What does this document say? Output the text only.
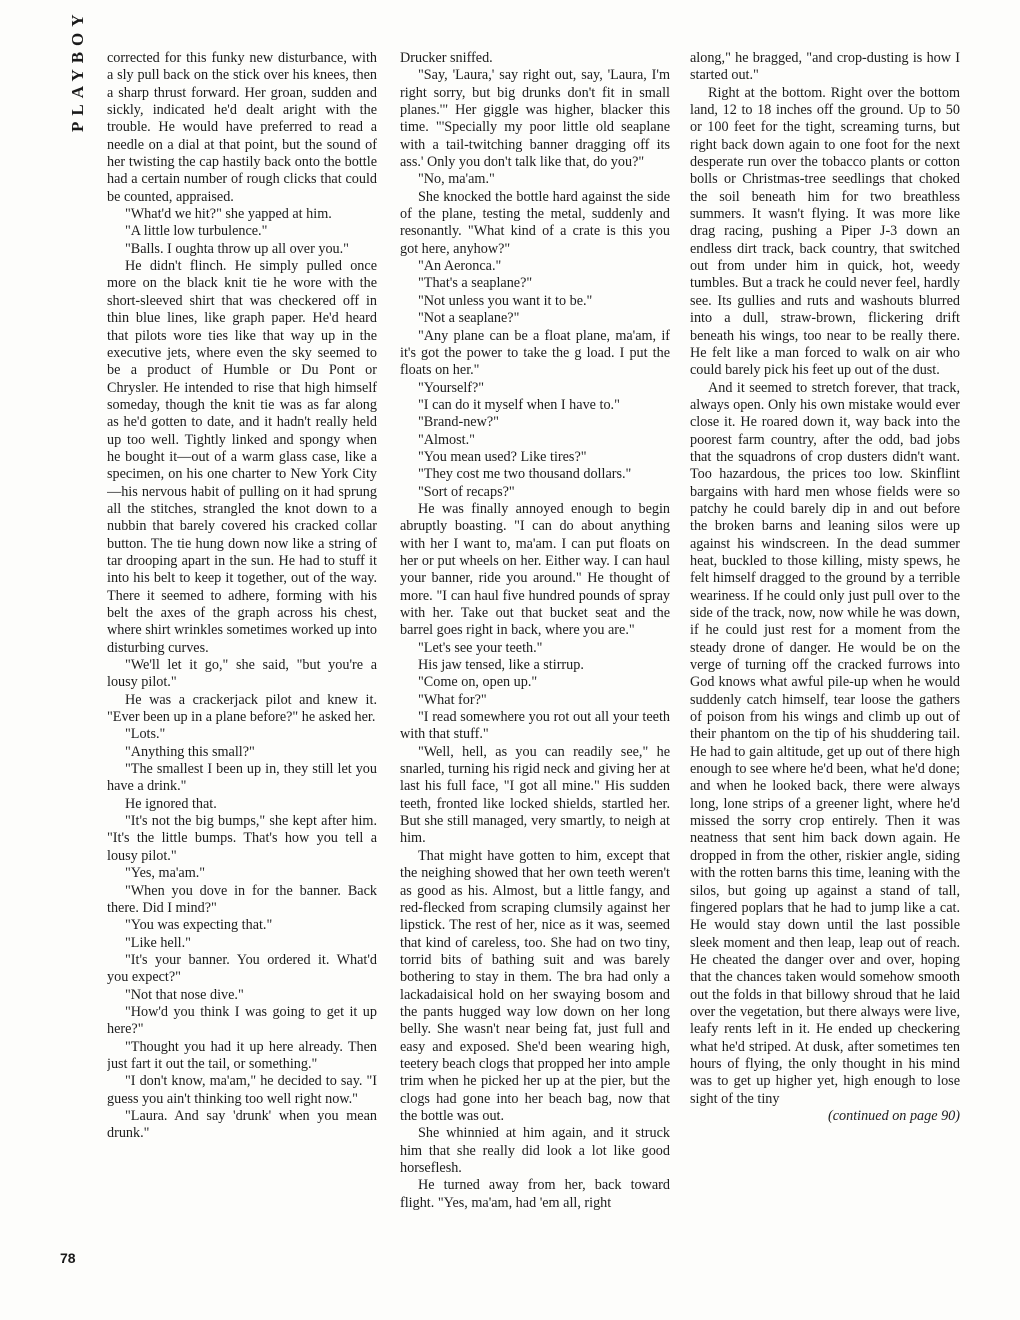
PLAYBOY	corrected for this funky new disturbance, with a sly pull back on the stick over his knees, then a sharp thrust forward. Her groan, sudden and sickly, indicated he'd dealt aright with the trouble. He would have preferred to read a needle on a dial at that point, but the sound of her twisting the cap hastily back onto the bottle had a certain number of rough clicks that could be counted, appraised.

"What'd we hit?" she yapped at him.

"A little low turbulence."

"Balls. I oughta throw up all over you."

He didn't flinch. He simply pulled once more on the black knit tie he wore with the short-sleeved shirt that was checkered off in thin blue lines, like graph paper. He'd heard that pilots wore ties like that way up in the executive jets, where even the sky seemed to be a product of Humble or Du Pont or Chrysler. He intended to rise that high himself someday, though the knit tie was as far along as he'd gotten to date, and it hadn't really held up too well. Tightly linked and spongy when he bought it—out of a warm glass case, like a specimen, on his one charter to New York City—his nervous habit of pulling on it had sprung all the stitches, strangled the knot down to a nubbin that barely covered his cracked collar button. The tie hung down now like a string of tar drooping apart in the sun. He had to stuff it into his belt to keep it together, out of the way. There it seemed to adhere, forming with his belt the axes of the graph across his chest, where shirt wrinkles sometimes worked up into disturbing curves.

"We'll let it go," she said, "but you're a lousy pilot."

He was a crackerjack pilot and knew it. "Ever been up in a plane before?" he asked her.

"Lots."

"Anything this small?"

"The smallest I been up in, they still let you have a drink."

He ignored that.

"It's not the big bumps," she kept after him. "It's the little bumps. That's how you tell a lousy pilot."

"Yes, ma'am."

"When you dove in for the banner. Back there. Did I mind?"

"You was expecting that."

"Like hell."

"It's your banner. You ordered it. What'd you expect?"

"Not that nose dive."

"How'd you think I was going to get it up here?"

"Thought you had it up here already. Then just fart it out the tail, or something."

"I don't know, ma'am," he decided to say. "I guess you ain't thinking too well right now."

"Laura. And say 'drunk' when you mean drunk."

Drucker sniffed.

"Say, 'Laura,' say right out, say, 'Laura, I'm right sorry, but big drunks don't fit in small planes.'" Her giggle was higher, blacker this time. "'Specially my poor little old seaplane with a tail-twitching banner dragging off its ass.' Only you don't talk like that, do you?"

"No, ma'am."

She knocked the bottle hard against the side of the plane, testing the metal, suddenly and resonantly. "What kind of a crate is this you got here, anyhow?"

"An Aeronca."

"That's a seaplane?"

"Not unless you want it to be."

"Not a seaplane?"

"Any plane can be a float plane, ma'am, if it's got the power to take the g load. I put the floats on her."

"Yourself?"

"I can do it myself when I have to."

"Brand-new?"

"Almost."

"You mean used? Like tires?"

"They cost me two thousand dollars."

"Sort of recaps?"

He was finally annoyed enough to begin abruptly boasting. "I can do about anything with her I want to, ma'am. I can put floats on her or put wheels on her. Either way. I can haul your banner, ride you around." He thought of more. "I can haul five hundred pounds of spray with her. Take out that bucket seat and the barrel goes right in back, where you are."

"Let's see your teeth."

His jaw tensed, like a stirrup.

"Come on, open up."

"What for?"

"I read somewhere you rot out all your teeth with that stuff."

"Well, hell, as you can readily see," he snarled, turning his rigid neck and giving her at last his full face, "I got all mine." His sudden teeth, fronted like locked shields, startled her. But she still managed, very smartly, to neigh at him.

That might have gotten to him, except that the neighing showed that her own teeth weren't as good as his. Almost, but a little fangy, and red-flecked from scraping clumsily against her lipstick. The rest of her, nice as it was, seemed that kind of careless, too. She had on two tiny, torrid bits of bathing suit and was barely bothering to stay in them. The bra had only a lackadaisical hold on her swaying bosom and the pants hugged way low down on her long belly. She wasn't near being fat, just full and easy and exposed. She'd been wearing high, teetery beach clogs that propped her into ample trim when he picked her up at the pier, but the clogs had gone into her beach bag, now that the bottle was out.

She whinnied at him again, and it struck him that she really did look a lot like good horseflesh.

He turned away from her, back toward flight. "Yes, ma'am, had 'em all, right

along," he bragged, "and crop-dusting is how I started out."

Right at the bottom. Right over the bottom land, 12 to 18 inches off the ground. Up to 50 or 100 feet for the tight, screaming turns, but right back down again to one foot for the next desperate run over the tobacco plants or cotton bolls or Christmas-tree seedlings that choked the soil beneath him for two breathless summers. It wasn't flying. It was more like drag racing, pushing a Piper J-3 down an endless dirt track, back country, that switched out from under him in quick, hot, weedy tumbles. But a track he could never feel, hardly see. Its gullies and ruts and washouts blurred into a dull, straw-brown, flickering drift beneath his wings, too near to be really there. He felt like a man forced to walk on air who could barely pick his feet up out of the dust.

And it seemed to stretch forever, that track, always open. Only his own mistake would ever close it. He roared down it, way back into the poorest farm country, after the odd, bad jobs that the squadrons of crop dusters didn't want. Too hazardous, the prices too low. Skinflint bargains with hard men whose fields were so patchy he could barely dip in and out before the broken barns and leaning silos were up against his windscreen. In the dead summer heat, buckled to those killing, misty spews, he felt himself dragged to the ground by a terrible weariness. If he could only just pull over to the side of the track, now, now while he was down, if he could just rest for a moment from the steady drone of danger. He would be on the verge of turning off the cracked furrows into God knows what awful pile-up when he would suddenly catch himself, tear loose the gathers of poison from his wings and climb up out of their phantom on the tip of his shuddering tail. He had to gain altitude, get up out of there high enough to see where he'd been, what he'd done; and when he looked back, there were always long, lone strips of a greener light, where he'd missed the sorry crop entirely. Then it was neatness that sent him back down again. He dropped in from the other, riskier angle, siding with the rotten barns this time, leaning with the silos, but going up against a stand of tall, fingered poplars that he had to jump like a cat. He would stay down until the last possible sleek moment and then leap, leap out of reach. He cheated the danger over and over, hoping that the chances taken would somehow smooth out the folds in that billowy shroud that he laid over the vegetation, but there always were live, leafy rents left in it. He ended up checkering what he'd striped. At dusk, after sometimes ten hours of flying, the only thought in his mind was to get up higher yet, high enough to lose sight of the tiny

(continued on page 90)

78
